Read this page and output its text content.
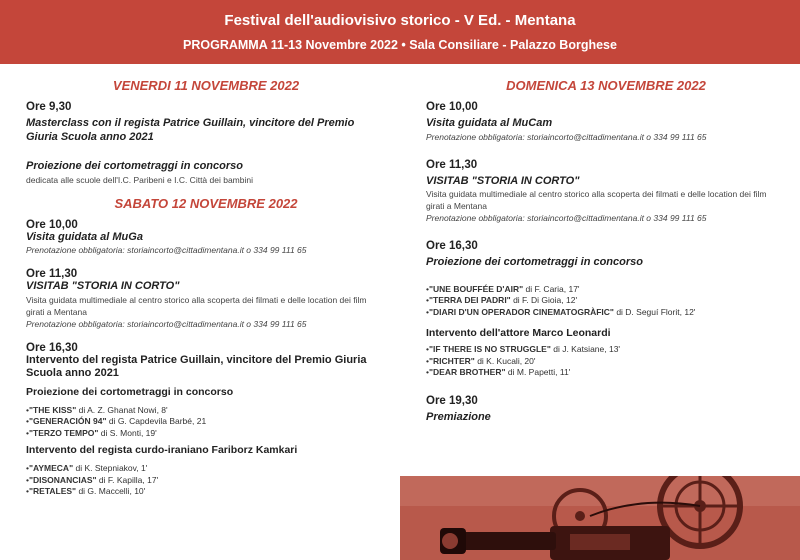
Festival dell'audiovisivo storico - V Ed. - Mentana
PROGRAMMA 11-13 Novembre 2022 • Sala Consiliare - Palazzo Borghese
VENERDI 11 NOVEMBRE 2022
Ore 9,30
Masterclass con il regista Patrice Guillain, vincitore del Premio Giuria Scuola anno 2021
Proiezione dei cortometraggi in concorso
dedicata alle scuole dell'I.C. Paribeni e I.C. Città dei bambini
SABATO 12 NOVEMBRE 2022
Ore 10,00
Visita guidata al MuGa
Prenotazione obbligatoria: storiaincorto@cittadimentana.it o 334 99 111 65
Ore 11,30
VISITAB "STORIA IN CORTO"
Visita guidata multimediale al centro storico alla scoperta dei filmati e delle location dei film girati a Mentana
Prenotazione obbligatoria: storiaincorto@cittadimentana.it o 334 99 111 65
Ore 16,30
Intervento del regista Patrice Guillain, vincitore del Premio Giuria Scuola anno 2021
Proiezione dei cortometraggi in concorso
• "THE KISS" di A. Z. Ghanat Nowi, 8'
• "GENERACIÓN 94" di G. Capdevila Barbé, 21
• "TERZO TEMPO" di S. Monti, 19'
Intervento del regista curdo-iraniano Fariborz Kamkari
• "AYMECA" di K. Stepniakov, 1'
• "DISONANCIAS" di F. Kapilla, 17'
• "RETALES" di G. Maccelli, 10'
DOMENICA 13 NOVEMBRE 2022
Ore 10,00
Visita guidata al MuCam
Prenotazione obbligatoria: storiaincorto@cittadimentana.it o 334 99 111 65
Ore 11,30
VISITAB "STORIA IN CORTO"
Visita guidata multimediale al centro storico alla scoperta dei filmati e delle location dei film girati a Mentana
Prenotazione obbligatoria: storiaincorto@cittadimentana.it o 334 99 111 65
Ore 16,30
Proiezione dei cortometraggi in concorso
• "UNE BOUFFÉE D'AIR" di F. Caria, 17'
• "TERRA DEI PADRI" di F. Di Gioia, 12'
• "DIARI D'UN OPERADOR CINEMATOGRÀFIC" di D. Seguí Florit, 12'
Intervento dell'attore Marco Leonardi
• "IF THERE IS NO STRUGGLE" di J. Katsiane, 13'
• "RICHTER" di K. Kucali, 20'
• "DEAR BROTHER" di M. Papetti, 11'
Ore 19,30
Premiazione
